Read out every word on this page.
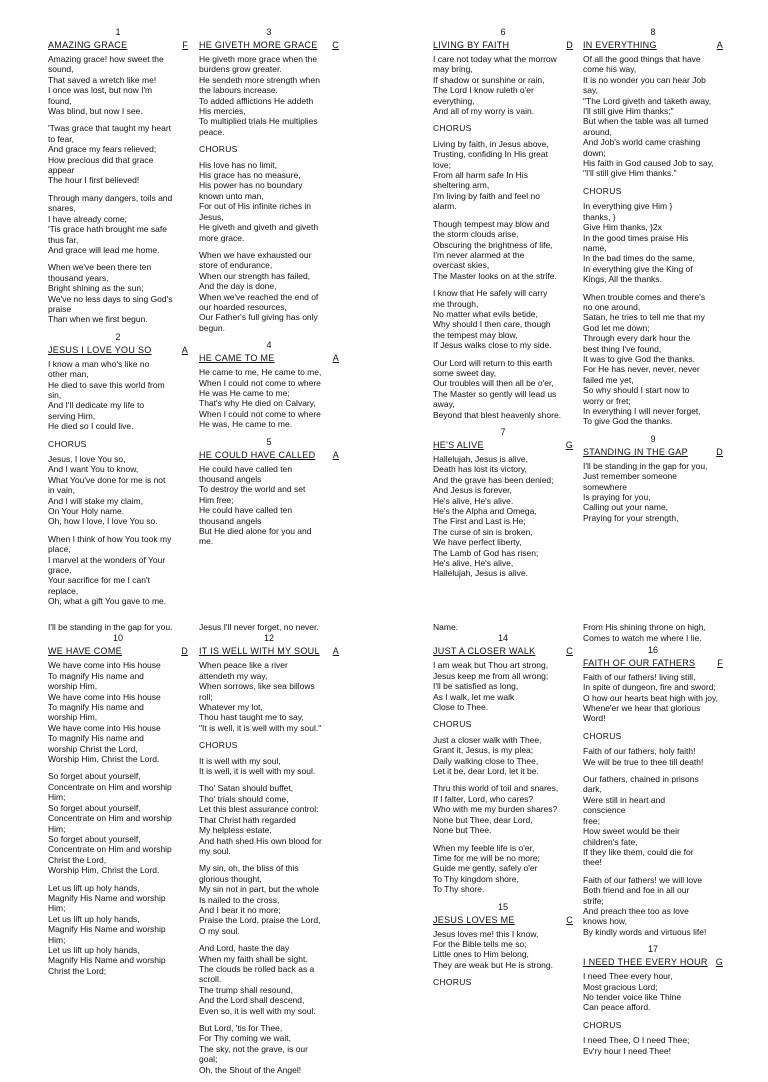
1
AMAZING GRACE	F
Amazing grace! how sweet the
sound,
That saved a wretch like me!
I once was lost, but now I'm
found,
Was blind, but now I see.
'Twas grace that taught my heart
to fear,
And grace my fears relieved;
How precious did that grace
appear
The hour I first believed!
Through many dangers, toils and
snares,
I have already come;
'Tis grace hath brought me safe
thus far,
And grace will lead me home.
When we've been there ten
thousand years,
Bright shining as the sun;
We've no less days to sing God's
praise
Than when we first begun.
2
JESUS I LOVE YOU SO	A
I know a man who's like no
other man,
He died to save this world from
sin,
And I'll dedicate my life to
serving Him,
He died so I could live.
CHORUS
Jesus, I love You so,
And I want You to know,
What You've done for me is not
in vain,
And I will stake my claim,
On Your Holy name.
Oh, how I love, I love You so.
When I think of how You took my
place,
I marvel at the wonders of Your
grace,
Your sacrifice for me I can't
replace,
Oh, what a gift You gave to me.
3
HE GIVETH MORE GRACE	C
He giveth more grace when the
burdens grow greater.
He sendeth more strength when
the labours increase.
To added afflictions He addeth
His mercies,
To multiplied trials He multiplies
peace.
CHORUS
His love has no limit,
His grace has no measure,
His power has no boundary
known unto man,
For out of His infinite riches in
Jesus,
He giveth and giveth and giveth
more grace.
When we have exhausted our
store of endurance,
When our strength has failed,
And the day is done,
When we've reached the end of
our hoarded resources,
Our Father's full giving has only
begun.
4
HE CAME TO ME	A
He came to me, He came to me,
When I could not come to where
He was He came to me;
That's why He died on Calvary,
When I could not come to where
He was, He came to me.
5
HE COULD HAVE CALLED	A
He could have called ten
thousand angels
To destroy the world and set
Him free;
He could have called ten
thousand angels
But He died alone for you and
me.
6
LIVING BY FAITH	D
I care not today what the morrow
may bring,
If shadow or sunshine or rain,
The Lord I know ruleth o'er
everything,
And all of my worry is vain.
CHORUS
Living by faith, in Jesus above,
Trusting, confiding In His great
love;
From all harm safe In His
sheltering arm,
I'm living by faith and feel no
alarm.
Though tempest may blow and
the storm clouds arise,
Obscuring the brightness of life,
I'm never alarmed at the
overcast skies,
The Master looks on at the strife.
I know that He safely will carry
me through,
No matter what evils betide,
Why should I then care, though
the tempest may blow,
If Jesus walks close to my side.
Our Lord will return to this earth
some sweet day,
Our troubles will then all be o'er,
The Master so gently will lead us
away,
Beyond that blest heavenly shore.
7
HE'S ALIVE	G
Hallelujah, Jesus is alive,
Death has lost its victory,
And the grave has been denied;
And Jesus is forever,
He's alive, He's alive.
He's the Alpha and Omega,
The First and Last is He;
The curse of sin is broken,
We have perfect liberty,
The Lamb of God has risen;
He's alive, He's alive,
Hallelujah, Jesus is alive.
8
IN EVERYTHING	A
Of all the good things that have
come his way,
It is no wonder you can hear Job
say,
"The Lord giveth and taketh away,
I'll still give Him thanks;"
But when the table was all turned
around,
And Job's world came crashing
down;
His faith in God caused Job to say,
"I'll still give Him thanks."
CHORUS
In everything give Him }
thanks, }
Give Him thanks, }2x
In the good times praise His
name,
In the bad times do the same,
In everything give the King of
Kings, All the thanks.
When trouble comes and there's
no one around,
Satan, he tries to tell me that my
God let me down;
Through every dark hour the
best thing I've found,
It was to give God the thanks.
For He has never, never, never
failed me yet,
So why should I start now to
worry or fret;
In everything I will never forget,
To give God the thanks.
9
STANDING IN THE GAP	D
I'll be standing in the gap for you,
Just remember someone
somewhere
Is praying for you,
Calling out your name,
Praying for your strength,
I'll be standing in the gap for you.
10
WE HAVE COME	D
We have come into His house
To magnify His name and
worship Him,
We have come into His house
To magnify His name and
worship Him,
We have come into His house
To magnify His name and
worship Christ the Lord,
Worship Him, Christ the Lord.
So forget about yourself,
Concentrate on Him and worship
Him;
So forget about yourself,
Concentrate on Him and worship
Him;
So forget about yourself,
Concentrate on Him and worship
Christ the Lord,
Worship Him, Christ the Lord.
Let us lift up holy hands,
Magnify His Name and worship
Him;
Let us lift up holy hands,
Magnify His Name and worship
Him;
Let us lift up holy hands,
Magnify His Name and worship
Christ the Lord;
Jesus I'll never forget, no never.
12
IT IS WELL WITH MY SOUL	A
When peace like a river
attendeth my way,
When sorrows, like sea billows
roll;
Whatever my lot,
Thou hast taught me to say,
"It is well, it is well with my soul."
CHORUS
It is well with my soul,
It is well, it is well with my soul.
Tho' Satan should buffet,
Tho' trials should come,
Let this blest assurance control:
That Christ hath regarded
My helpless estate,
And hath shed His own blood for
my soul.
My sin, oh, the bliss of this
glorious thought,
My sin not in part, but the whole
Is nailed to the cross,
And I bear it no more;
Praise the Lord, praise the Lord,
O my soul.
And Lord, haste the day
When my faith shall be sight.
The clouds be rolled back as a
scroll.
The trump shall resound,
And the Lord shall descend,
Even so, it is well with my soul.
But Lord, 'tis for Thee,
For Thy coming we wait,
The sky, not the grave, is our
goal;
Oh, the Shout of the Angel!
Name.
14
JUST A CLOSER WALK	C
I am weak but Thou art strong,
Jesus keep me from all wrong;
I'll be satisfied as long,
As I walk, let me walk
Close to Thee.
CHORUS
Just a closer walk with Thee,
Grant it, Jesus, is my plea;
Daily walking close to Thee,
Let it be, dear Lord, let it be.
Thru this world of toil and snares,
If I falter, Lord, who cares?
Who with me my burden shares?
None but Thee, dear Lord,
None but Thee.
When my feeble life is o'er,
Time for me will be no more;
Guide me gently, safely o'er
To Thy kingdom shore,
To Thy shore.
15
JESUS LOVES ME	C
Jesus loves me! this I know,
For the Bible tells me so;
Little ones to Him belong,
They are weak but He is strong.
CHORUS
From His shining throne on high,
Comes to watch me where I lie.
16
FAITH OF OUR FATHERS	F
Faith of our fathers! living still,
In spite of dungeon, fire and sword;
O how our hearts beat high with joy,
Whene'er we hear that glorious
Word!
CHORUS
Faith of our fathers, holy faith!
We will be true to thee till death!
Our fathers, chained in prisons
dark,
Were still in heart and
conscience
free;
How sweet would be their
children's fate,
If they like them, could die for
thee!
Faith of our fathers! we will love
Both friend and foe in all our
strife;
And preach thee too as love
knows how,
By kindly words and virtuous life!
17
I NEED THEE EVERY HOUR G
I need Thee every hour,
Most gracious Lord;
No tender voice like Thine
Can peace afford.
CHORUS
I need Thee, O I need Thee;
Ev'ry hour I need Thee!
